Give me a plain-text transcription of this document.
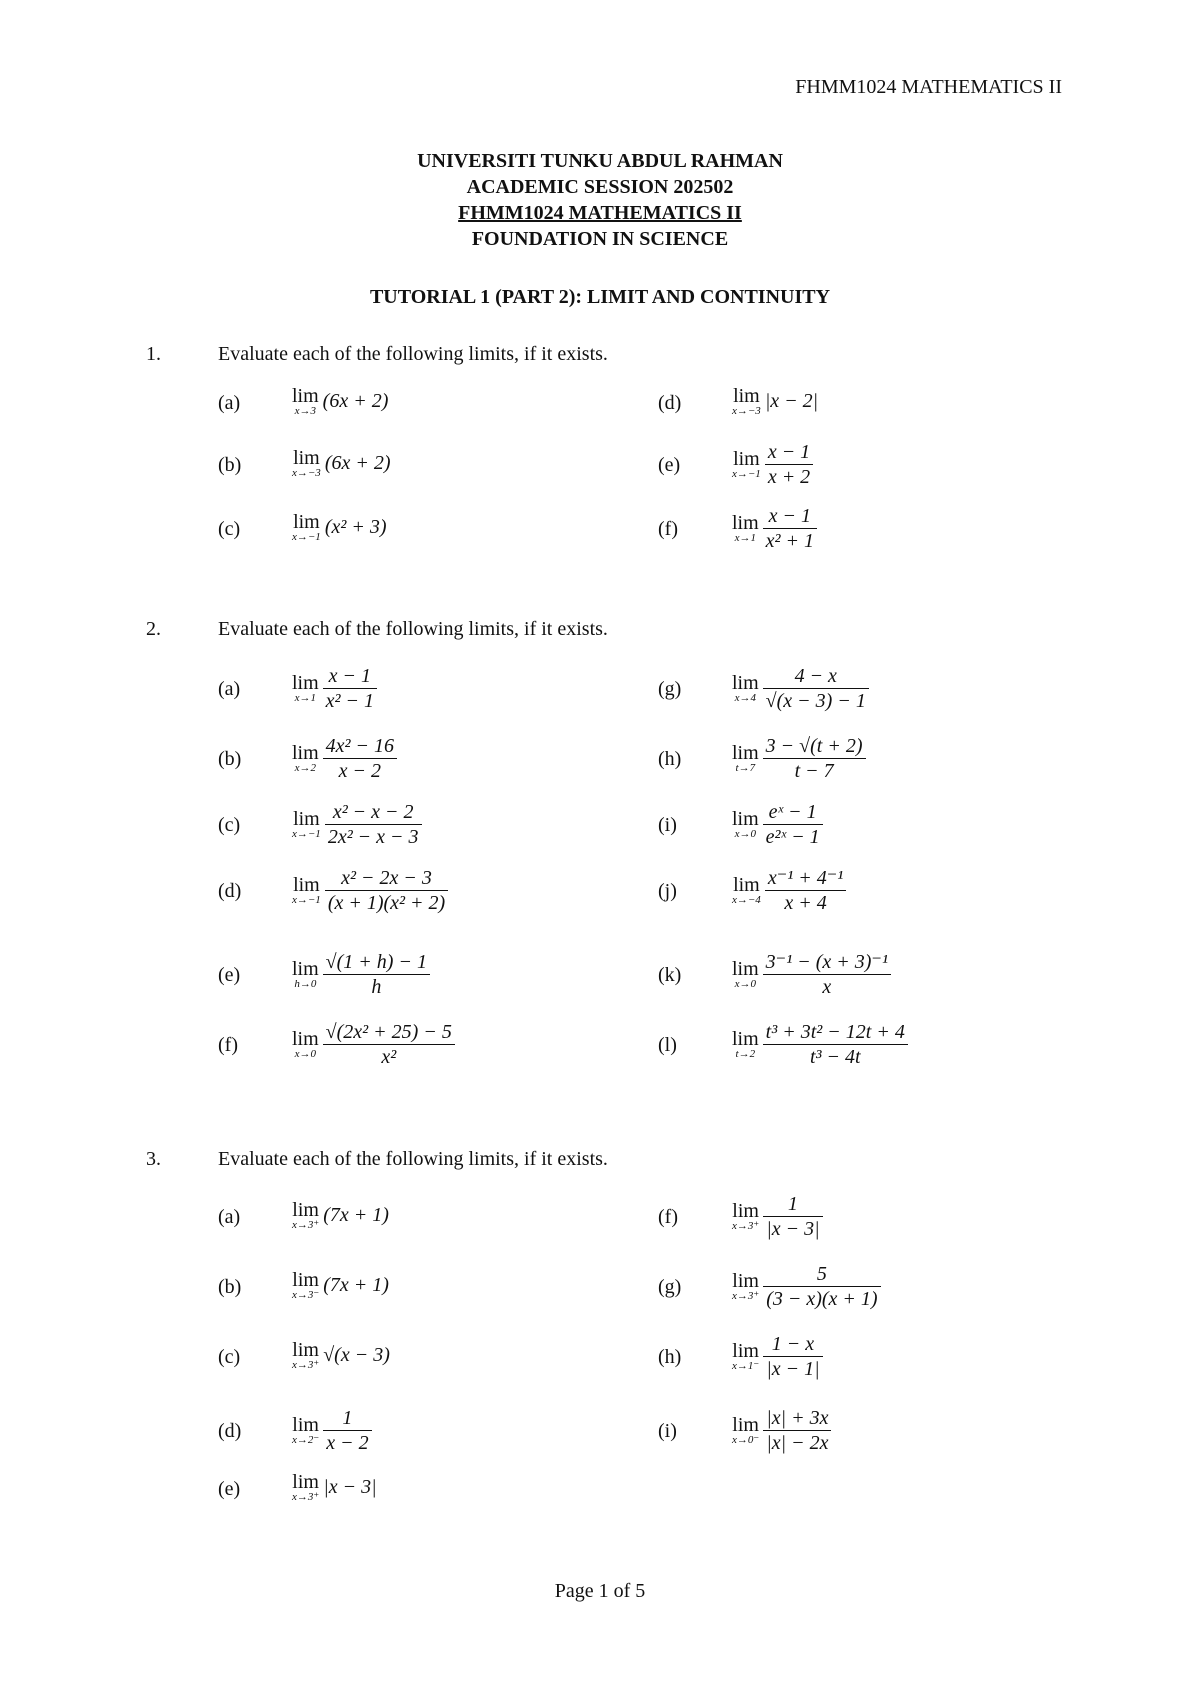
FHMM1024 MATHEMATICS II
UNIVERSITI TUNKU ABDUL RAHMAN
ACADEMIC SESSION 202502
FHMM1024 MATHEMATICS II
FOUNDATION IN SCIENCE
TUTORIAL 1 (PART 2): LIMIT AND CONTINUITY
1.	Evaluate each of the following limits, if it exists.
2.	Evaluate each of the following limits, if it exists.
3.	Evaluate each of the following limits, if it exists.
(a)	lim
x→3 (6x + 2)
(b)	lim
x→−3 (6x + 2)
(c)	lim
x→−1 (x² + 3)
(d)	lim
x→−3 |x − 2|
(e)	lim
$x\to-1 \frac{x - 1}{x + 2}$
(f)	lim
$x\to 1 \frac{x - 1}{\text{x² + 1}}$
(a)	lim
$x\to 1 \frac{x - 1}{\text{x² − 1}}$
(b)	lim
$x\to 2 \frac{\text{4x² − 16}}{x - 2}$
(c)	lim
$x\to-1 \frac{\text{x² − x − 2}}{\text{2x² − x − 3}}$
(d)	lim
$x\to-1 \frac{\text{x² − 2x − 3}}{\text{(x + 1)(x² + 2)}}$
(e)	lim
$h\to 0 \frac{√(1 + h) - 1}{h}$
(f)	lim
$x\to 0 \frac{\text{√(2x² + 25) − 5}}{\text{x²}}$
(g)	lim
$x\to 4 \frac{4 - x}{√(x - 3) - 1}$
(h)	lim
$t\to 7 \frac{3 - √(t + 2)}{t - 7}$
(i)	lim
$x\to 0 \frac{\text{eˣ − 1}}{\text{e²ˣ − 1}}$
(j)	lim
$x\to-4 \frac{\text{x⁻¹ + 4⁻¹}}{x + 4}$
(k)	lim
$x\to 0 \frac{\text{3⁻¹ − (x + 3)⁻¹}}{x}$
(l)	lim
$t\to 2 \frac{\text{t³ + 3t² − 12t + 4}}{\text{t³ − 4t}}$
(a)	lim
x→3⁺ (7x + 1)
(b)	lim
x→3⁻ (7x + 1)
(c)	lim
x→3⁺ √(x − 3)
(d)	lim
$x\to 2^- \frac{1}{x - 2}$
(e)	lim
x→3⁺ |x − 3|
(f)	lim
$x\to 3^+ \frac{1}{|x - 3|}$
(g)	lim
$x\to 3^+ \frac{5}{(3 - x)(x + 1)}$
(h)	lim
$x\to 1^- \frac{1 - x}{|x - 1|}$
(i)	lim
$x\to 0^- \frac{|x| + 3x}{|x| - 2x}$
Page 1 of 5
